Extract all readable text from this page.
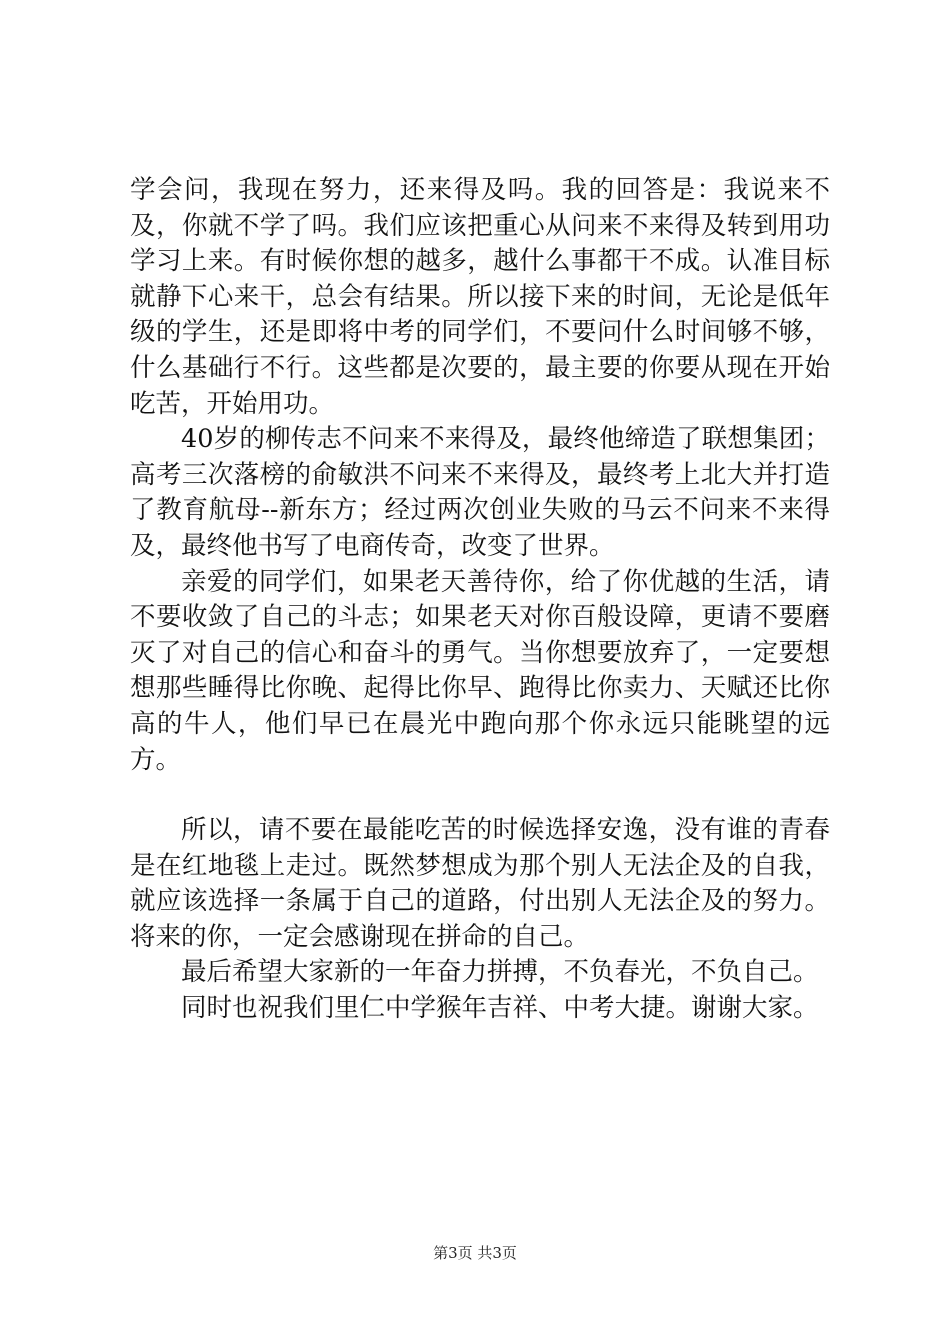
学会问，我现在努力，还来得及吗。我的回答是：我说来不及，你就不学了吗。我们应该把重心从问来不来得及转到用功学习上来。有时候你想的越多，越什么事都干不成。认准目标就静下心来干，总会有结果。所以接下来的时间，无论是低年级的学生，还是即将中考的同学们，不要问什么时间够不够，什么基础行不行。这些都是次要的，最主要的你要从现在开始吃苦，开始用功。

40岁的柳传志不问来不来得及，最终他缔造了联想集团；高考三次落榜的俞敏洪不问来不来得及，最终考上北大并打造了教育航母--新东方；经过两次创业失败的马云不问来不来得及，最终他书写了电商传奇，改变了世界。

亲爱的同学们，如果老天善待你，给了你优越的生活，请不要收敛了自己的斗志；如果老天对你百般设障，更请不要磨灭了对自己的信心和奋斗的勇气。当你想要放弃了，一定要想想那些睡得比你晚、起得比你早、跑得比你卖力、天赋还比你高的牛人，他们早已在晨光中跑向那个你永远只能眺望的远方。

所以，请不要在最能吃苦的时候选择安逸，没有谁的青春是在红地毯上走过。既然梦想成为那个别人无法企及的自我，就应该选择一条属于自己的道路，付出别人无法企及的努力。将来的你，一定会感谢现在拼命的自己。

最后希望大家新的一年奋力拼搏，不负春光，不负自己。

同时也祝我们里仁中学猴年吉祥、中考大捷。谢谢大家。

第3页 共3页
